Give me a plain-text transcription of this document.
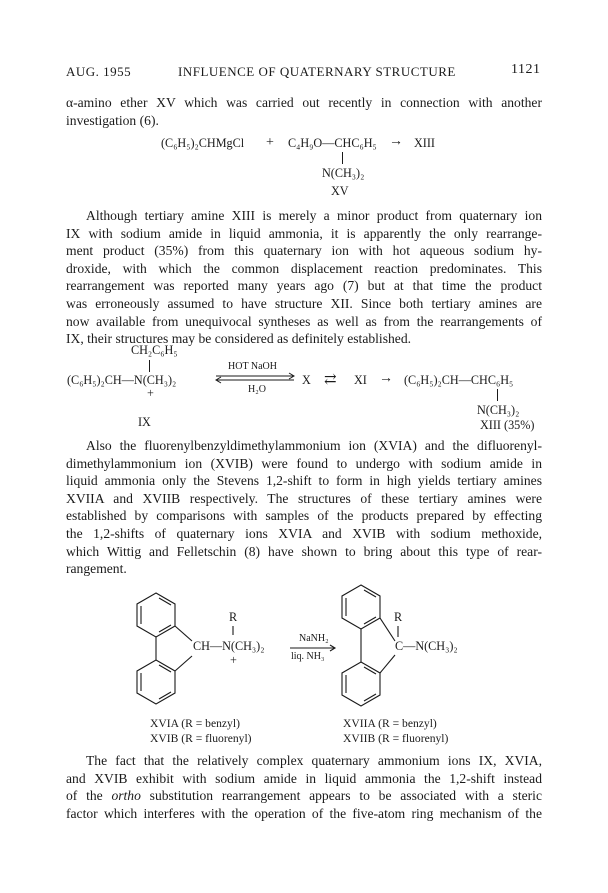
AUG. 1955	INFLUENCE OF QUATERNARY STRUCTURE	1121
α-amino ether XV which was carried out recently in connection with another
investigation (6).
(C₆H₅)₂CHMgCl + C₄H₉O—CHC₆H₅ → XIII
N(CH₃)₂
XV
Although tertiary amine XIII is merely a minor product from quaternary ion
IX with sodium amide in liquid ammonia, it is apparently the only rearrange-
ment product (35%) from this quaternary ion with hot aqueous sodium hy-
droxide, with which the common displacement reaction predominates. This
rearrangement was reported many years ago (7) but at that time the product
was erroneously assumed to have structure XII. Since both tertiary amines are
now available from unequivocal syntheses as well as from the rearrangements of
IX, their structures may be considered as definitely established.
CH₂C₆H₅
(C₆H₅)₂CH—N(CH₃)₂
+
HOT NaOH
H₂O
X ⇄ XI → (C₆H₅)₂CH—CHC₆H₅
N(CH₃)₂
IX	XIII (35%)
Also the fluorenylbenzyldimethylammonium ion (XVIA) and the difluorenyl-
dimethylammonium ion (XVIB) were found to undergo with sodium amide in
liquid ammonia only the Stevens 1,2-shift to form in high yields tertiary amines
XVIIA and XVIIB respectively. The structures of these tertiary amines were
established by comparisons with samples of the products prepared by effecting
the 1,2-shifts of quaternary ions XVIA and XVIB with sodium methoxide,
which Wittig and Felletschin (8) have shown to bring about this type of rear-
rangement.
R
CH—N(CH₃)₂
+
NaNH₂
liq. NH₃
R
C—N(CH₃)₂
XVIA (R = benzyl)
XVIB (R = fluorenyl)
XVIIA (R = benzyl)
XVIIB (R = fluorenyl)
The fact that the relatively complex quaternary ammonium ions IX, XVIA,
and XVIB exhibit with sodium amide in liquid ammonia the 1,2-shift instead
of the ortho substitution rearrangement appears to be associated with a steric
factor which interferes with the operation of the five-atom ring mechanism of the
